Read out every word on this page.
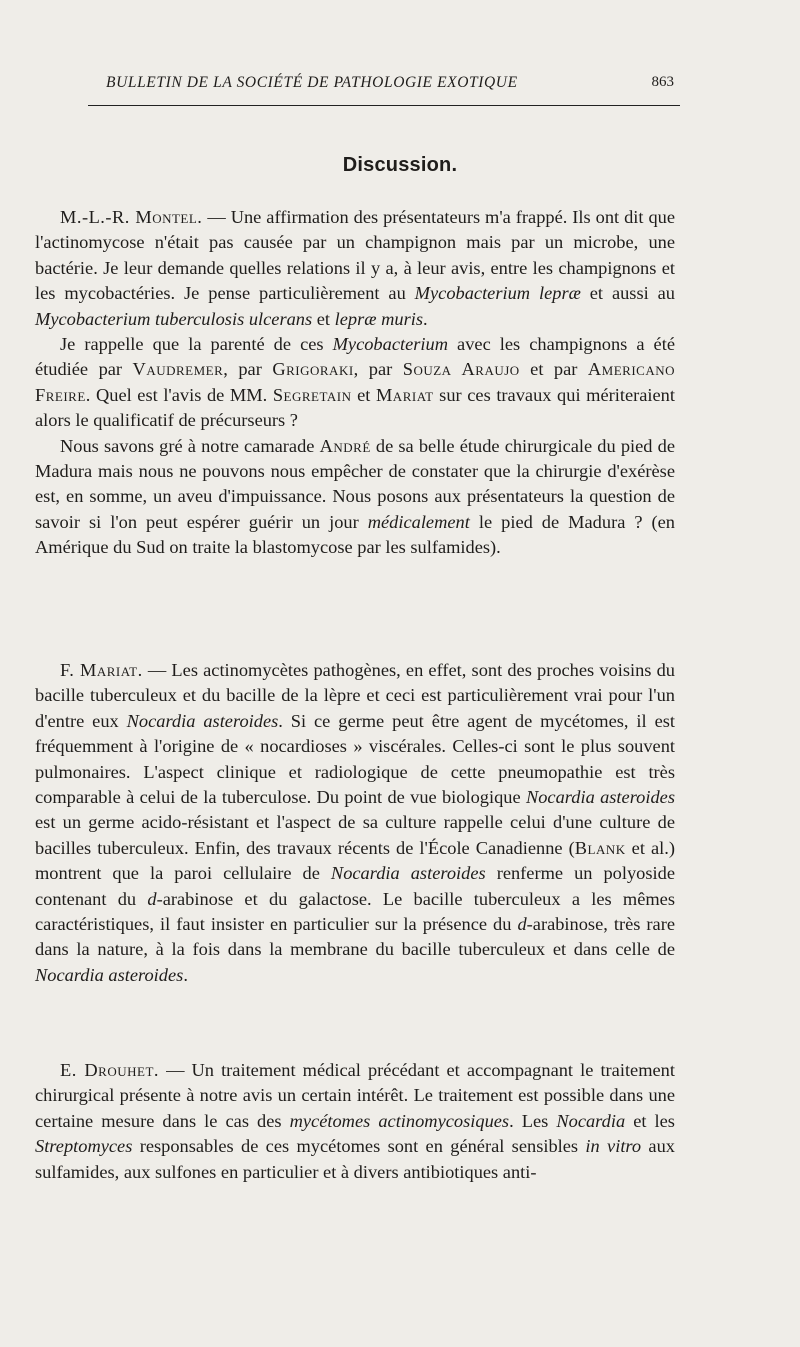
BULLETIN DE LA SOCIÉTÉ DE PATHOLOGIE EXOTIQUE	863
Discussion.

M.-L.-R. Montel. — Une affirmation des présentateurs m'a frappé. Ils ont dit que l'actinomycose n'était pas causée par un champignon mais par un microbe, une bactérie. Je leur demande quelles relations il y a, à leur avis, entre les champignons et les mycobactéries. Je pense particulièrement au Mycobacterium lepræ et aussi au Mycobacterium tuberculosis ulcerans et lepræ muris.

Je rappelle que la parenté de ces Mycobacterium avec les champignons a été étudiée par Vaudremer, par Grigoraki, par Souza Araujo et par Americano Freire. Quel est l'avis de MM. Segretain et Mariat sur ces travaux qui mériteraient alors le qualificatif de précurseurs ?

Nous savons gré à notre camarade André de sa belle étude chirurgicale du pied de Madura mais nous ne pouvons nous empêcher de constater que la chirurgie d'exérèse est, en somme, un aveu d'impuissance. Nous posons aux présentateurs la question de savoir si l'on peut espérer guérir un jour médicalement le pied de Madura ? (en Amérique du Sud on traite la blastomycose par les sulfamides).

F. Mariat. — Les actinomycètes pathogènes, en effet, sont des proches voisins du bacille tuberculeux et du bacille de la lèpre et ceci est particulièrement vrai pour l'un d'entre eux Nocardia asteroides. Si ce germe peut être agent de mycétomes, il est fréquemment à l'origine de « nocardioses » viscérales. Celles-ci sont le plus souvent pulmonaires. L'aspect clinique et radiologique de cette pneumopathie est très comparable à celui de la tuberculose. Du point de vue biologique Nocardia asteroides est un germe acido-résistant et l'aspect de sa culture rappelle celui d'une culture de bacilles tuberculeux. Enfin, des travaux récents de l'École Canadienne (Blank et al.) montrent que la paroi cellulaire de Nocardia asteroides renferme un polyoside contenant du d-arabinose et du galactose. Le bacille tuberculeux a les mêmes caractéristiques, il faut insister en particulier sur la présence du d-arabinose, très rare dans la nature, à la fois dans la membrane du bacille tuberculeux et dans celle de Nocardia asteroides.

E. Drouhet. — Un traitement médical précédant et accompagnant le traitement chirurgical présente à notre avis un certain intérêt. Le traitement est possible dans une certaine mesure dans le cas des mycétomes actinomycosiques. Les Nocardia et les Streptomyces responsables de ces mycétomes sont en général sensibles in vitro aux sulfamides, aux sulfones en particulier et à divers antibiotiques anti-
